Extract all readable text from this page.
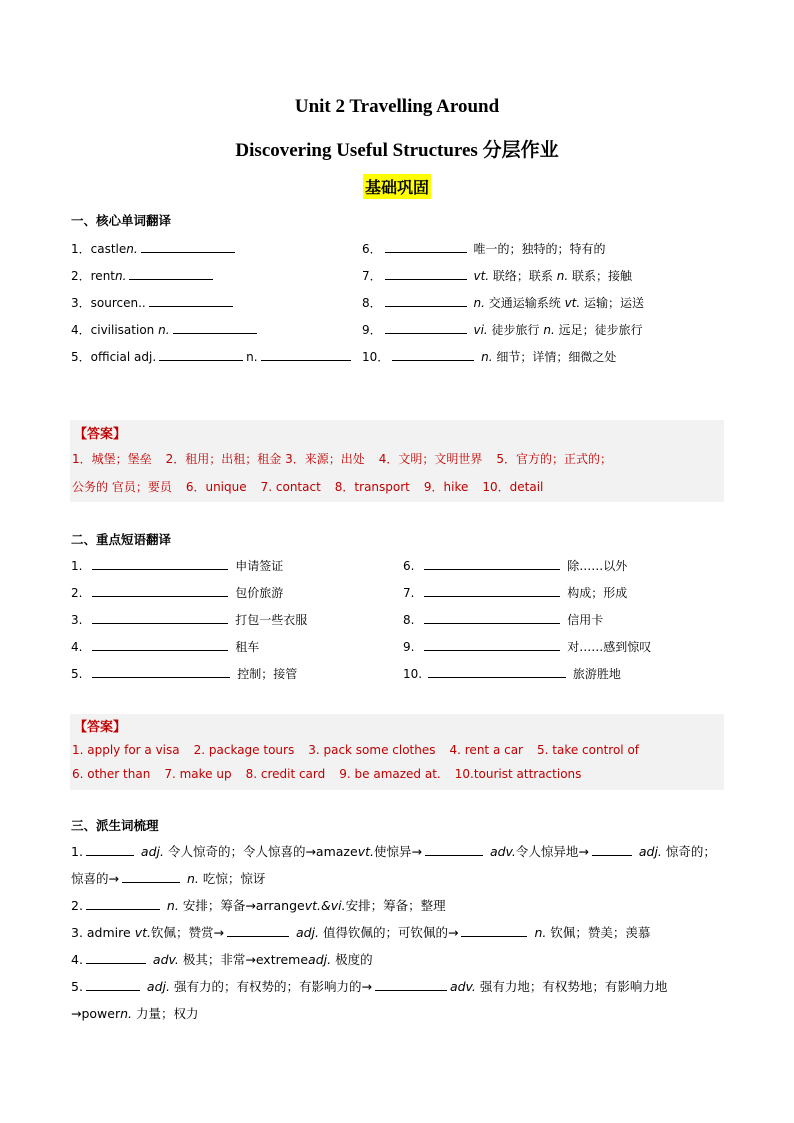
Unit 2 Travelling Around
Discovering Useful Structures 分层作业
基础巩固
一、核心单词翻译
1．castlen.
2．rentn.
3．sourcen..
4．civilisation n.
5．official adj.	n.
6．	唯一的；独特的；特有的
7．	vt. 联络；联系 n. 联系；接触
8．	n. 交通运输系统 vt. 运输；运送
9．	vi. 徒步旅行 n. 远足；徒步旅行
10．	n. 细节；详情；细微之处
【答案】
1．城堡；堡垒 2．租用；出租；租金 3．来源；出处 4．文明；文明世界 5．官方的；正式的；
公务的 官员；要员 6．unique 7. contact 8．transport 9．hike 10．detail
二、重点短语翻译
1.	申请签证
2.	包价旅游
3.	打包一些衣服
4.	租车
5.	控制；接管
6.	除……以外
7.	构成；形成
8.	信用卡
9.	对……感到惊叹
10.	旅游胜地
【答案】
1. apply for a visa 2. package tours 3. pack some clothes 4. rent a car 5. take control of
6. other than 7. make up 8. credit card 9. be amazed at. 10.tourist attractions
三、派生词梳理
1.	adj. 令人惊奇的；令人惊喜的→amazevt.使惊异→	adv.令人惊异地→	adj. 惊奇的；惊喜的→	n. 吃惊；惊讶
2.	n. 安排；筹备→arrangevt.&vi.安排；筹备；整理
3. admire vt.钦佩；赞赏→	adj. 值得钦佩的；可钦佩的→	n. 钦佩；赞美；羡慕
4.	adv. 极其；非常→extremeadj. 极度的
5.	adj. 强有力的；有权势的；有影响力的→	adv. 强有力地；有权势地；有影响力地→powern. 力量；权力
